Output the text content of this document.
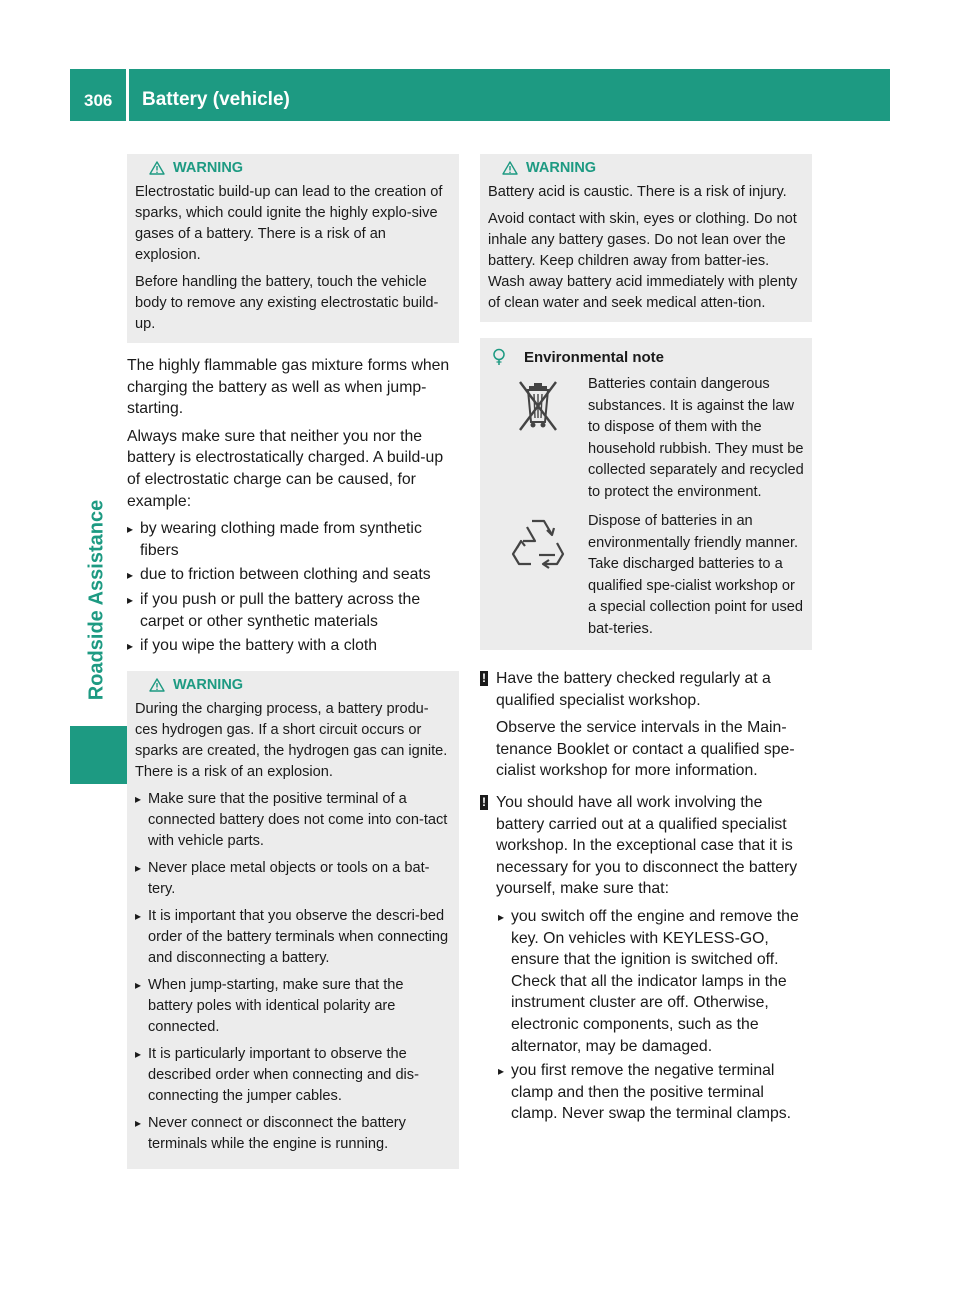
306 Battery (vehicle)
Roadside Assistance
WARNING

Electrostatic build-up can lead to the creation of sparks, which could ignite the highly explo-sive gases of a battery. There is a risk of an explosion.

Before handling the battery, touch the vehicle body to remove any existing electrostatic build-up.

The highly flammable gas mixture forms when charging the battery as well as when jump-starting.

Always make sure that neither you nor the battery is electrostatically charged. A build-up of electrostatic charge can be caused, for example:

▸ by wearing clothing made from synthetic fibers
▸ due to friction between clothing and seats
▸ if you push or pull the battery across the carpet or other synthetic materials
▸ if you wipe the battery with a cloth
WARNING

During the charging process, a battery produ-ces hydrogen gas. If a short circuit occurs or sparks are created, the hydrogen gas can ignite. There is a risk of an explosion.

▸ Make sure that the positive terminal of a connected battery does not come into con-tact with vehicle parts.
▸ Never place metal objects or tools on a bat-tery.
▸ It is important that you observe the descri-bed order of the battery terminals when connecting and disconnecting a battery.
▸ When jump-starting, make sure that the battery poles with identical polarity are connected.
▸ It is particularly important to observe the described order when connecting and dis-connecting the jumper cables.
▸ Never connect or disconnect the battery terminals while the engine is running.
WARNING

Battery acid is caustic. There is a risk of injury.

Avoid contact with skin, eyes or clothing. Do not inhale any battery gases. Do not lean over the battery. Keep children away from batter-ies. Wash away battery acid immediately with plenty of clean water and seek medical atten-tion.

Environmental note
Batteries contain dangerous substances. It is against the law to dispose of them with the household rubbish. They must be collected separately and recycled to protect the environment.
Dispose of batteries in an environmentally friendly manner. Take discharged batteries to a qualified spe-cialist workshop or a special collection point for used bat-teries.
! Have the battery checked regularly at a qualified specialist workshop.

Observe the service intervals in the Main-tenance Booklet or contact a qualified spe-cialist workshop for more information.

! You should have all work involving the battery carried out at a qualified specialist workshop. In the exceptional case that it is necessary for you to disconnect the battery yourself, make sure that:

▸ you switch off the engine and remove the key. On vehicles with KEYLESS-GO, ensure that the ignition is switched off. Check that all the indicator lamps in the instrument cluster are off. Otherwise, electronic components, such as the alternator, may be damaged.
▸ you first remove the negative terminal clamp and then the positive terminal clamp. Never swap the terminal clamps.
